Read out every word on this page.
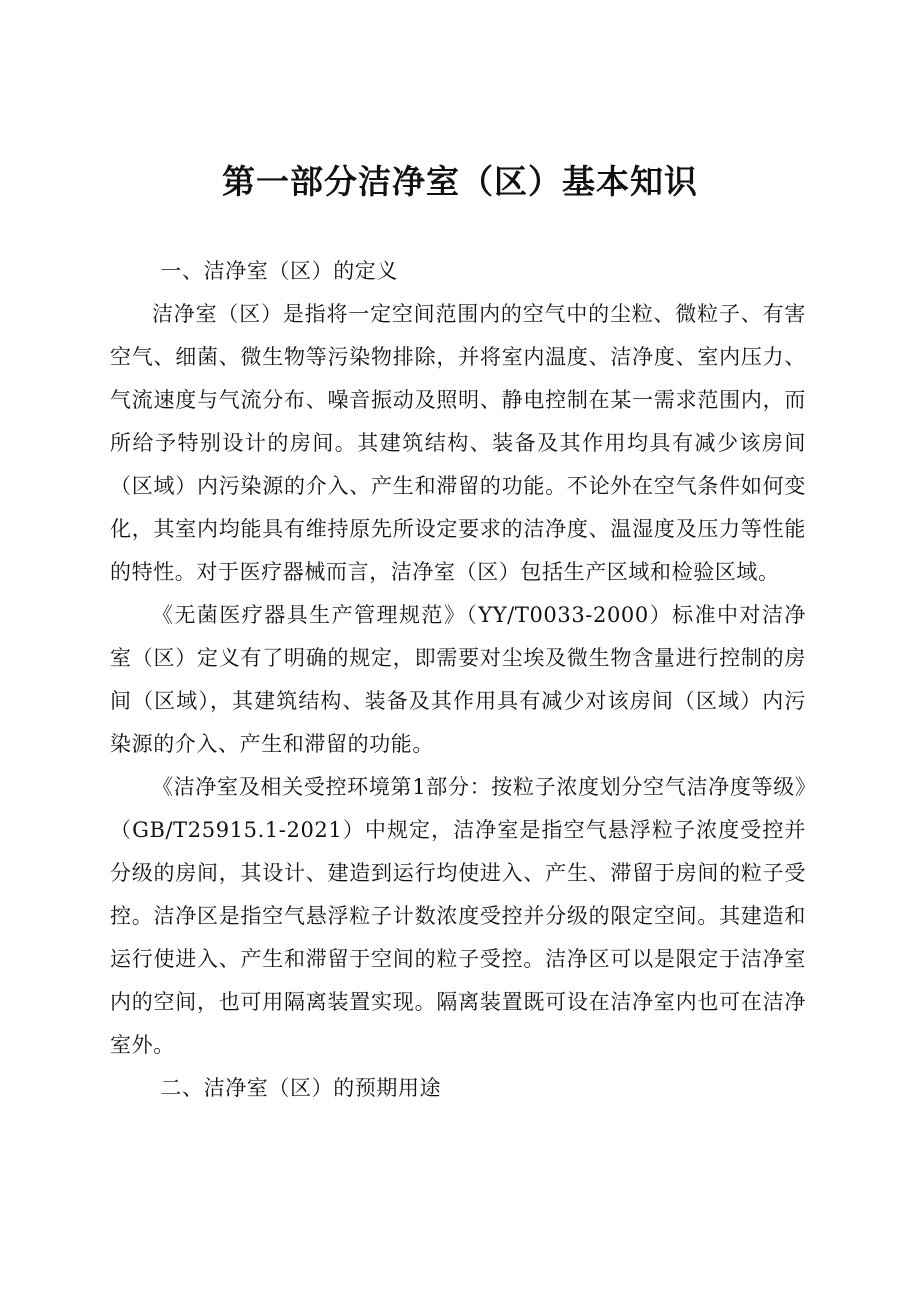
第一部分洁净室（区）基本知识
一、洁净室（区）的定义

洁净室（区）是指将一定空间范围内的空气中的尘粒、微粒子、有害空气、细菌、微生物等污染物排除，并将室内温度、洁净度、室内压力、气流速度与气流分布、噪音振动及照明、静电控制在某一需求范围内，而所给予特别设计的房间。其建筑结构、装备及其作用均具有减少该房间（区域）内污染源的介入、产生和滞留的功能。不论外在空气条件如何变化，其室内均能具有维持原先所设定要求的洁净度、温湿度及压力等性能的特性。对于医疗器械而言，洁净室（区）包括生产区域和检验区域。

《无菌医疗器具生产管理规范》（YY/T0033-2000）标准中对洁净室（区）定义有了明确的规定，即需要对尘埃及微生物含量进行控制的房间（区域），其建筑结构、装备及其作用具有减少对该房间（区域）内污染源的介入、产生和滞留的功能。

《洁净室及相关受控环境第1部分：按粒子浓度划分空气洁净度等级》（GB/T25915.1-2021）中规定，洁净室是指空气悬浮粒子浓度受控并分级的房间，其设计、建造到运行均使进入、产生、滞留于房间的粒子受控。洁净区是指空气悬浮粒子计数浓度受控并分级的限定空间。其建造和运行使进入、产生和滞留于空间的粒子受控。洁净区可以是限定于洁净室内的空间，也可用隔离装置实现。隔离装置既可设在洁净室内也可在洁净室外。

二、洁净室（区）的预期用途
